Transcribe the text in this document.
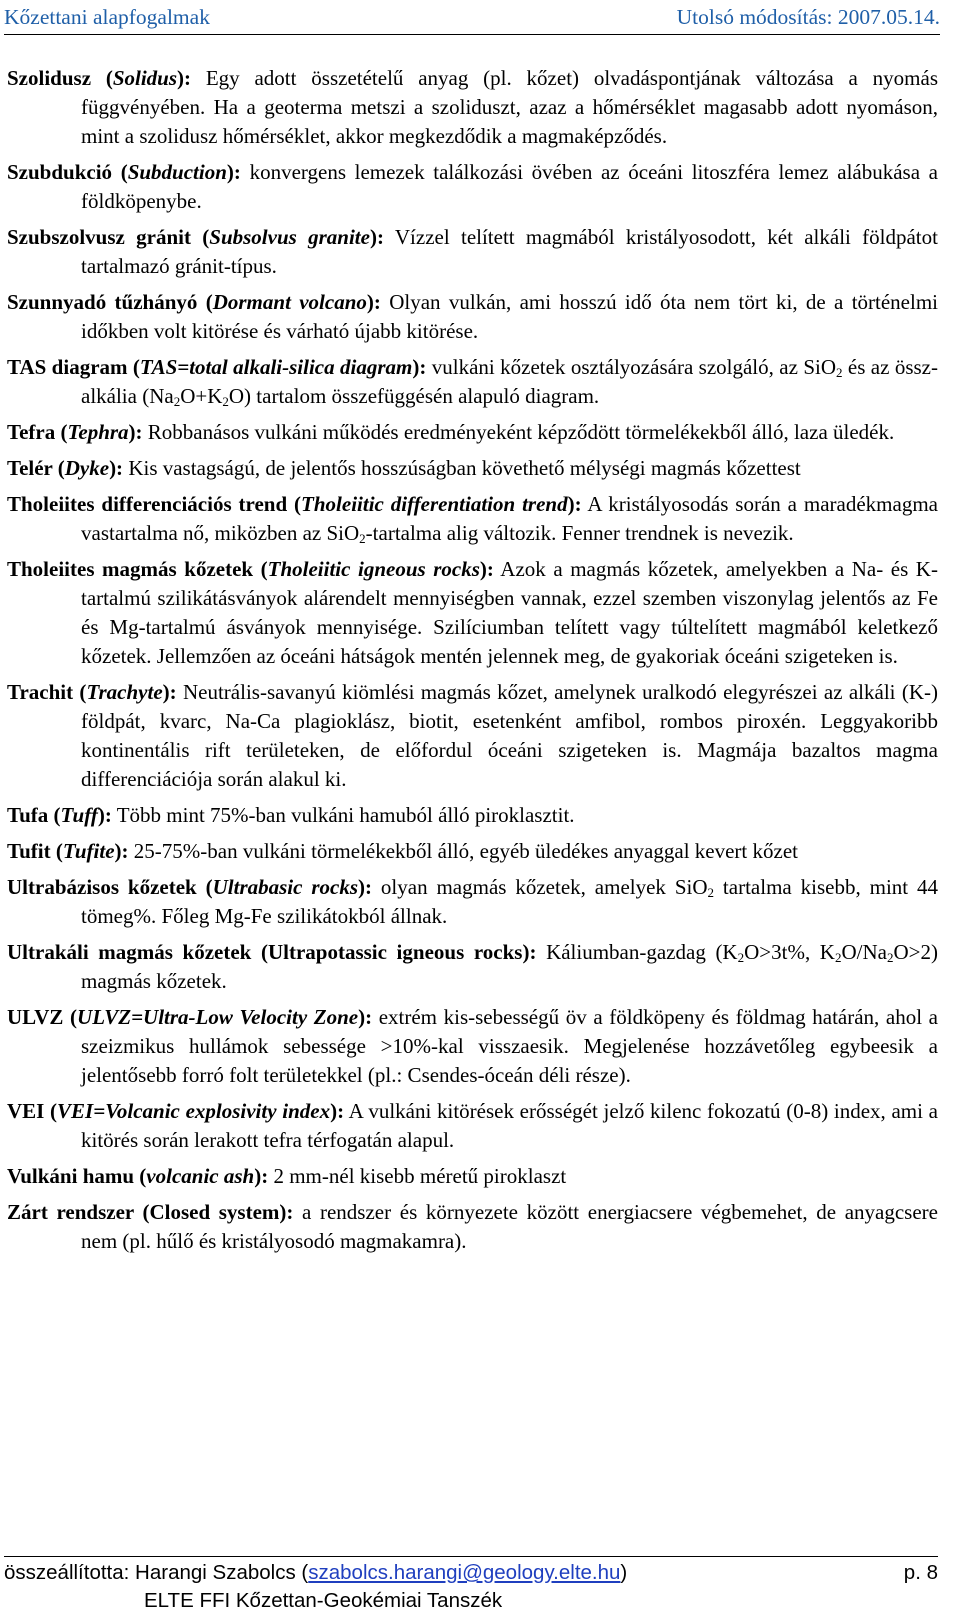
Kőzettani alapfogalmak	Utolsó módosítás: 2007.05.14.

Szolidusz (Solidus): Egy adott összetételű anyag (pl. kőzet) olvadáspontjának változása a nyomás függvényében. Ha a geoterma metszi a szoliduszt, azaz a hőmérséklet magasabb adott nyomáson, mint a szolidusz hőmérséklet, akkor megkezdődik a magmaképződés.

Szubdukció (Subduction): konvergens lemezek találkozási övében az óceáni litoszféra lemez alábukása a földköpenybe.

Szubszolvusz gránit (Subsolvus granite): Vízzel telített magmából kristályosodott, két alkáli földpátot tartalmazó gránit-típus.

Szunnyadó tűzhányó (Dormant volcano): Olyan vulkán, ami hosszú idő óta nem tört ki, de a történelmi időkben volt kitörése és várható újabb kitörése.

TAS diagram (TAS=total alkali-silica diagram): vulkáni kőzetek osztályozására szolgáló, az SiO$_2$ és az össz-alkália $(Na_2O+K_2O)$ tartalom összefüggésén alapuló diagram.

Tefra (Tephra): Robbanásos vulkáni működés eredményeként képződött törmelékekből álló, laza üledék.

Telér (Dyke): Kis vastagságú, de jelentős hosszúságban követhető mélységi magmás kőzettest

Tholeiites differenciációs trend (Tholeiitic differentiation trend): A kristályosodás során a maradékmagma vastartalma nő, miközben az SiO$_2$-tartalma alig változik. Fenner trendnek is nevezik.

Tholeiites magmás kőzetek (Tholeiitic igneous rocks): Azok a magmás kőzetek, amelyekben a Na- és K-tartalmú szilikátásványok alárendelt mennyiségben vannak, ezzel szemben viszonylag jelentős az Fe és Mg-tartalmú ásványok mennyisége. Szilíciumban telített vagy túltelített magmából keletkező kőzetek. Jellemzően az óceáni hátságok mentén jelennek meg, de gyakoriak óceáni szigeteken is.

Trachit (Trachyte): Neutrális-savanyú kiömlési magmás kőzet, amelynek uralkodó elegyrészei az alkáli (K-) földpát, kvarc, Na-Ca plagioklász, biotit, esetenként amfibol, rombos piroxén. Leggyakoribb kontinentális rift területeken, de előfordul óceáni szigeteken is. Magmája bazaltos magma differenciációja során alakul ki.

Tufa (Tuff): Több mint 75%-ban vulkáni hamuból álló piroklasztit.

Tufit (Tufite): 25-75%-ban vulkáni törmelékekből álló, egyéb üledékes anyaggal kevert kőzet

Ultrabázisos kőzetek (Ultrabasic rocks): olyan magmás kőzetek, amelyek SiO$_2$ tartalma kisebb, mint 44 tömeg%. Főleg Mg-Fe szilikátokból állnak.

Ultrakáli magmás kőzetek (Ultrapotassic igneous rocks): Káliumban-gazdag ($K_2O>3t\%$, $K_2O/Na_2O>2$) magmás kőzetek.

ULVZ (ULVZ=Ultra-Low Velocity Zone): extrém kis-sebességű öv a földköpeny és földmag határán, ahol a szeizmikus hullámok sebessége >10%-kal visszaesik. Megjelenése hozzávetőleg egybeesik a jelentősebb forró folt területekkel (pl.: Csendes-óceán déli része).

VEI (VEI=Volcanic explosivity index): A vulkáni kitörések erősségét jelző kilenc fokozatú (0-8) index, ami a kitörés során lerakott tefra térfogatán alapul.

Vulkáni hamu (volcanic ash): 2 mm-nél kisebb méretű piroklaszt

Zárt rendszer (Closed system): a rendszer és környezete között energiacsere végbemehet, de anyagcsere nem (pl. hűlő és kristályosodó magmakamra).

összeállította: Harangi Szabolcs (szabolcs.harangi@geology.elte.hu)	p. 8
ELTE FFI Kőzettan-Geokémiai Tanszék
